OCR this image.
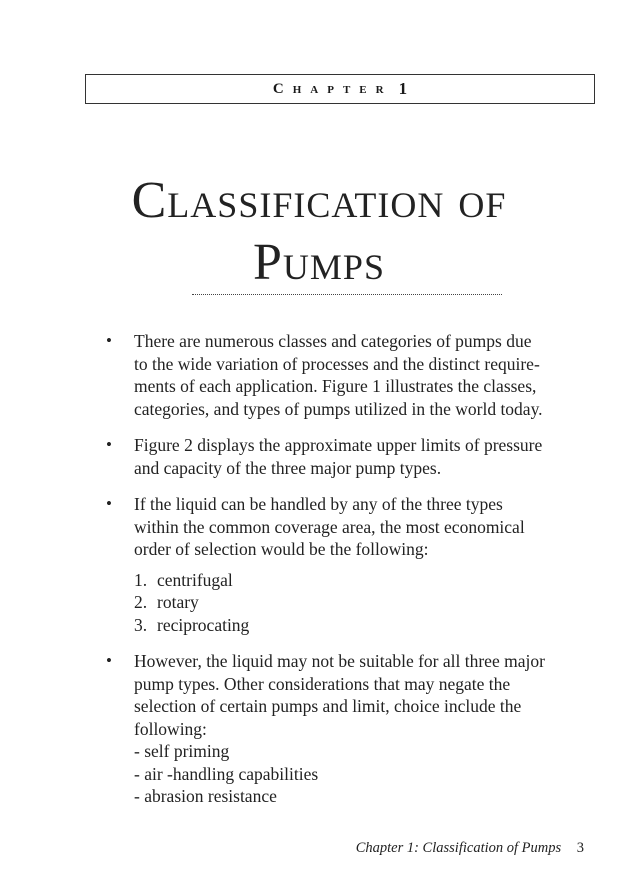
Chapter 1
Classification of
Pumps
• There are numerous classes and categories of pumps due
to the wide variation of processes and the distinct require-
ments of each application. Figure 1 illustrates the classes,
categories, and types of pumps utilized in the world today.
• Figure 2 displays the approximate upper limits of pressure
and capacity of the three major pump types.
• If the liquid can be handled by any of the three types
within the common coverage area, the most economical
order of selection would be the following:
1. centrifugal
2. rotary
3. reciprocating
• However, the liquid may not be suitable for all three major
pump types. Other considerations that may negate the
selection of certain pumps and limit, choice include the
following:
- self priming
- air -handling capabilities
- abrasion resistance
Chapter 1: Classification of Pumps 3
